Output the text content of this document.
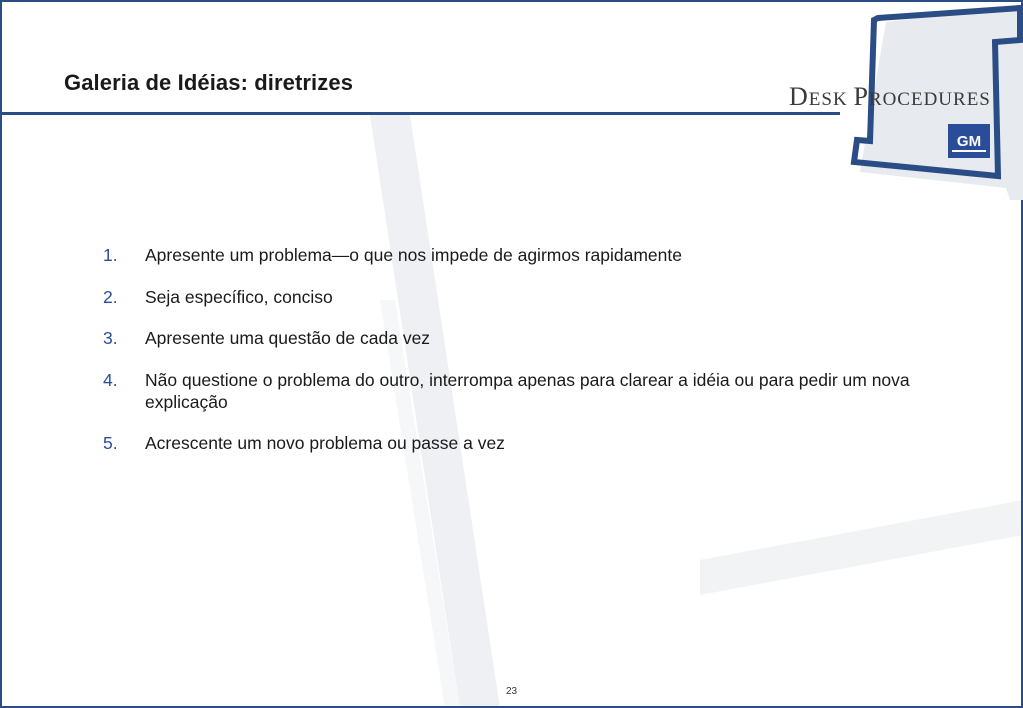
Galeria de Idéias: diretrizes	DESK PROCEDURES
GM
1.	Apresente um problema—o que nos impede de agirmos rapidamente
2.	Seja específico, conciso
3.	Apresente uma questão de cada vez
4.	Não questione o problema do outro, interrompa apenas para clarear a idéia ou para pedir um nova explicação
5.	Acrescente um novo problema ou passe a vez
23
